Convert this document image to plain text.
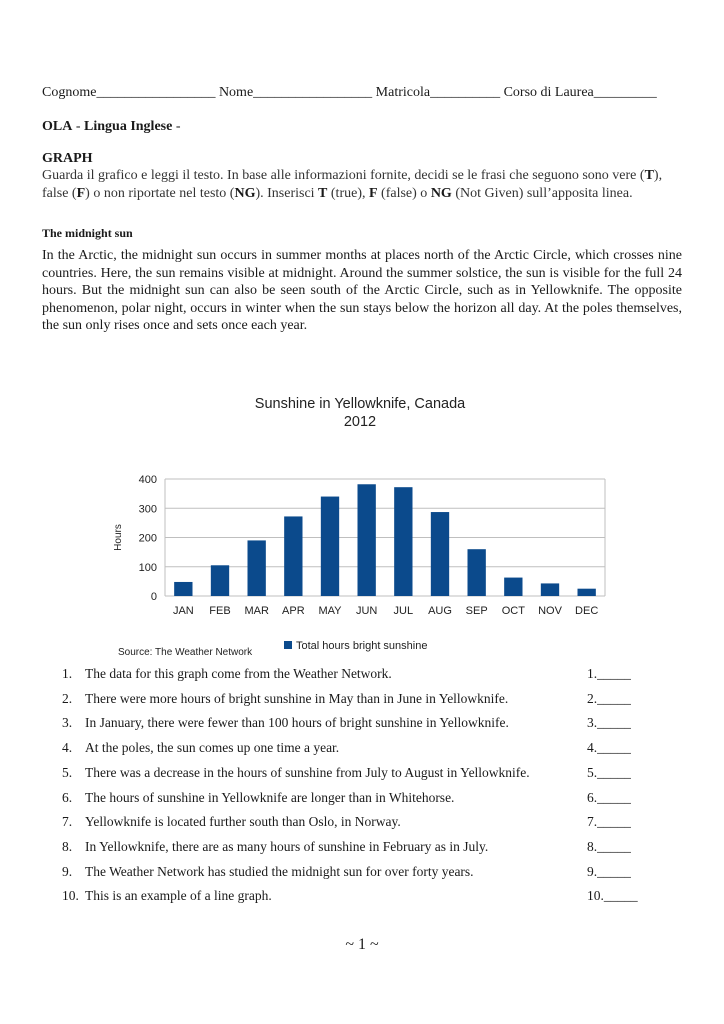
Cognome_________________ Nome_________________ Matricola__________ Corso di Laurea_________
OLA - Lingua Inglese -
GRAPH
Guarda il grafico e leggi il testo. In base alle informazioni fornite, decidi se le frasi che seguono sono vere (T), false (F) o non riportate nel testo (NG). Inserisci T (true), F (false) o NG (Not Given) sull’apposita linea.
The midnight sun
In the Arctic, the midnight sun occurs in summer months at places north of the Arctic Circle, which crosses nine countries. Here, the sun remains visible at midnight. Around the summer solstice, the sun is visible for the full 24 hours. But the midnight sun can also be seen south of the Arctic Circle, such as in Yellowknife. The opposite phenomenon, polar night, occurs in winter when the sun stays below the horizon all day. At the poles themselves, the sun only rises once and sets once each year.
Sunshine in Yellowknife, Canada
2012
0
100
200
300
400
Hours
JAN FEB MAR APR MAY JUN JUL AUG SEP OCT NOV DEC
Source: The Weather Network
Total hours bright sunshine
1. The data for this graph come from the Weather Network.	1._____
2. There were more hours of bright sunshine in May than in June in Yellowknife.	2._____
3. In January, there were fewer than 100 hours of bright sunshine in Yellowknife.	3._____
4. At the poles, the sun comes up one time a year.	4._____
5. There was a decrease in the hours of sunshine from July to August in Yellowknife.	5._____
6. The hours of sunshine in Yellowknife are longer than in Whitehorse.	6._____
7. Yellowknife is located further south than Oslo, in Norway.	7._____
8. In Yellowknife, there are as many hours of sunshine in February as in July.	8._____
9. The Weather Network has studied the midnight sun for over forty years.	9._____
10. This is an example of a line graph.	10._____
~ 1 ~
